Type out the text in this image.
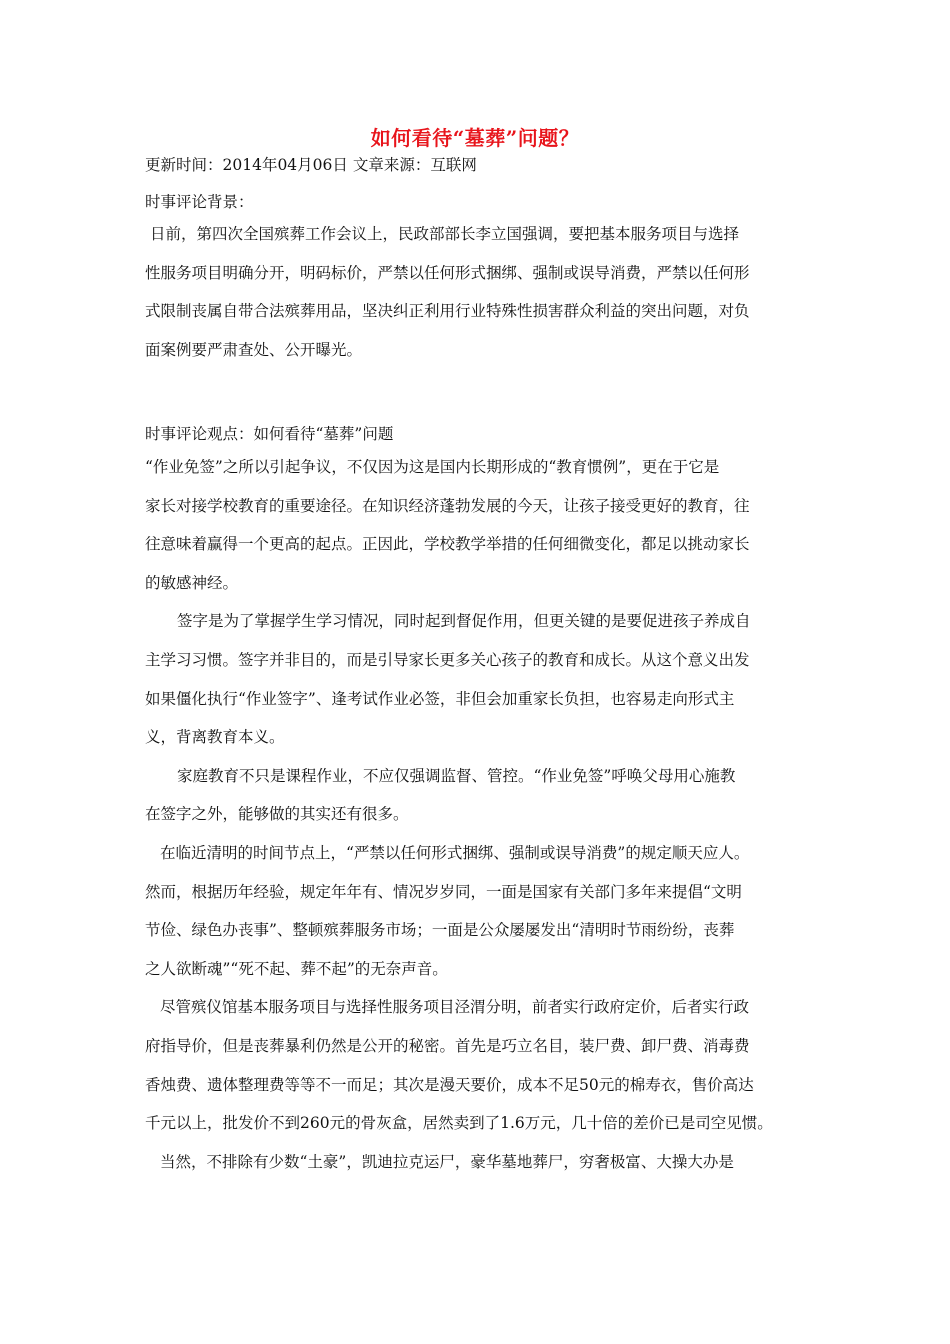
如何看待“墓葬”问题？
更新时间：2014年04月06日 文章来源：互联网
时事评论背景：

日前，第四次全国殡葬工作会议上，民政部部长李立国强调，要把基本服务项目与选择

性服务项目明确分开，明码标价，严禁以任何形式捆绑、强制或误导消费，严禁以任何形

式限制丧属自带合法殡葬用品，坚决纠正利用行业特殊性损害群众利益的突出问题，对负

面案例要严肃查处、公开曝光。

时事评论观点：如何看待“墓葬”问题

“作业免签”之所以引起争议，不仅因为这是国内长期形成的“教育惯例”，更在于它是

家长对接学校教育的重要途径。在知识经济蓬勃发展的今天，让孩子接受更好的教育，往

往意味着赢得一个更高的起点。正因此，学校教学举措的任何细微变化，都足以挑动家长

的敏感神经。

签字是为了掌握学生学习情况，同时起到督促作用，但更关键的是要促进孩子养成自

主学习习惯。签字并非目的，而是引导家长更多关心孩子的教育和成长。从这个意义出发

如果僵化执行“作业签字”、逢考试作业必签，非但会加重家长负担，也容易走向形式主

义，背离教育本义。

家庭教育不只是课程作业，不应仅强调监督、管控。“作业免签”呼唤父母用心施教

在签字之外，能够做的其实还有很多。

在临近清明的时间节点上，“严禁以任何形式捆绑、强制或误导消费”的规定顺天应人。

然而，根据历年经验，规定年年有、情况岁岁同，一面是国家有关部门多年来提倡“文明

节俭、绿色办丧事”、整顿殡葬服务市场；一面是公众屡屡发出“清明时节雨纷纷，丧葬

之人欲断魂”“死不起、葬不起”的无奈声音。

尽管殡仪馆基本服务项目与选择性服务项目泾渭分明，前者实行政府定价，后者实行政

府指导价，但是丧葬暴利仍然是公开的秘密。首先是巧立名目，装尸费、卸尸费、消毒费

香烛费、遗体整理费等等不一而足；其次是漫天要价，成本不足50元的棉寿衣，售价高达

千元以上，批发价不到260元的骨灰盒，居然卖到了1.6万元，几十倍的差价已是司空见惯。

当然，不排除有少数“土豪”，凯迪拉克运尸，豪华墓地葬尸，穷奢极富、大操大办是
